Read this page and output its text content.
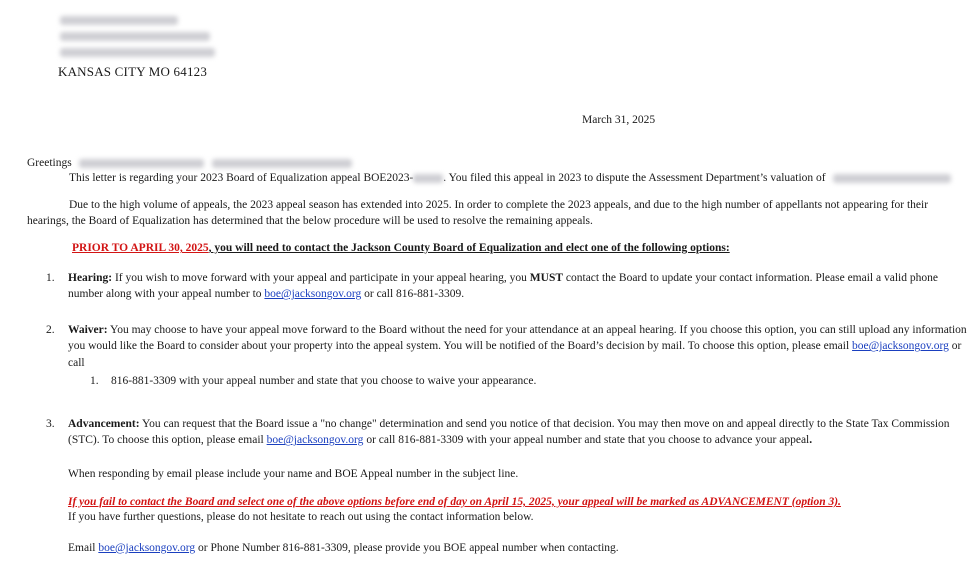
KANSAS CITY MO 64123
March 31, 2025
Greetings
This letter is regarding your 2023 Board of Equalization appeal BOE2023-	. You filed this appeal in 2023 to dispute the Assessment Department’s valuation of
Due to the high volume of appeals, the 2023 appeal season has extended into 2025. In order to complete the 2023 appeals, and due to the high number of appellants not appearing for their hearings, the Board of Equalization has determined that the below procedure will be used to resolve the remaining appeals.
PRIOR TO APRIL 30, 2025, you will need to contact the Jackson County Board of Equalization and elect one of the following options:
1.	Hearing: If you wish to move forward with your appeal and participate in your appeal hearing, you MUST contact the Board to update your contact information. Please email a valid phone number along with your appeal number to boe@jacksongov.org or call 816-881-3309.
2.	Waiver: You may choose to have your appeal move forward to the Board without the need for your attendance at an appeal hearing. If you choose this option, you can still upload any information you would like the Board to consider about your property into the appeal system. You will be notified of the Board’s decision by mail. To choose this option, please email boe@jacksongov.org or call
1. 816-881-3309 with your appeal number and state that you choose to waive your appearance.
3.	Advancement: You can request that the Board issue a "no change" determination and send you notice of that decision. You may then move on and appeal directly to the State Tax Commission (STC). To choose this option, please email boe@jacksongov.org or call 816-881-3309 with your appeal number and state that you choose to advance your appeal.
When responding by email please include your name and BOE Appeal number in the subject line.
If you fail to contact the Board and select one of the above options before end of day on April 15, 2025, your appeal will be marked as ADVANCEMENT (option 3).
If you have further questions, please do not hesitate to reach out using the contact information below.
Email boe@jacksongov.org or Phone Number 816-881-3309, please provide you BOE appeal number when contacting.
